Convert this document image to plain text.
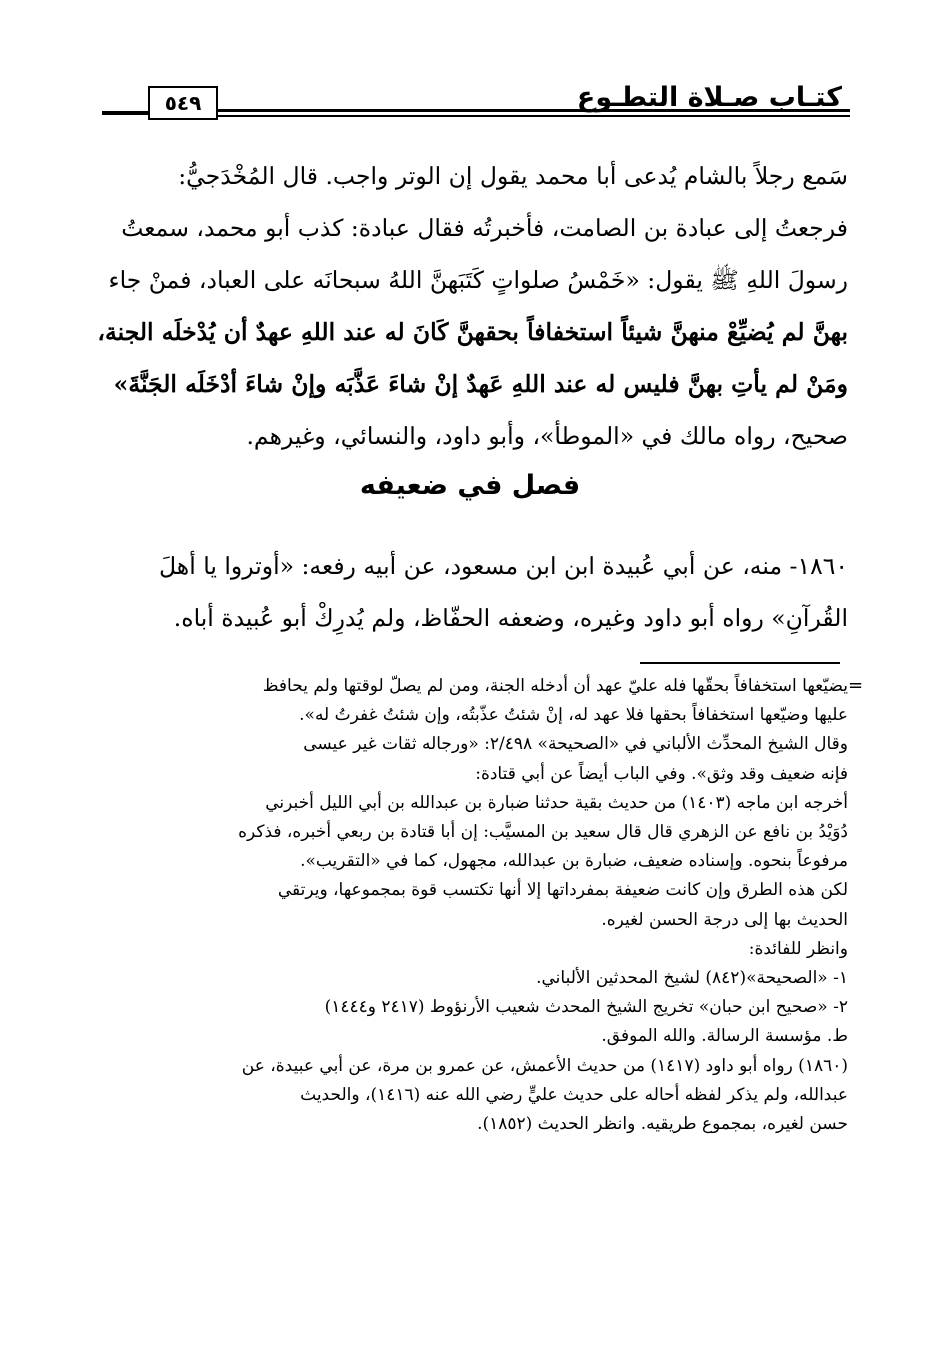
٥٤٩	كتـاب صـلاة التطـوع
سَمع رجلاً بالشام يُدعى أبا محمد يقول إن الوتر واجب. قال المُخْدَجيُّ:
فرجعتُ إلى عبادة بن الصامت، فأخبرتُه فقال عبادة: كذب أبو محمد، سمعتُ
رسولَ اللهِ ﷺ يقول: «خَمْسُ صلواتٍ كَتَبَهنَّ اللهُ سبحانَه على العباد، فمنْ جاء
بهنَّ لم يُضيِّعْ منهنَّ شيئاً استخفافاً بحقهنَّ كَانَ له عند اللهِ عهدٌ أن يُدْخلَه الجنة،
ومَنْ لم يأتِ بهنَّ فليس له عند اللهِ عَهدٌ إنْ شاءَ عَذَّبَه وإنْ شاءَ أدْخَلَه الجَنَّةَ»
صحيح، رواه مالك في «الموطأ»، وأبو داود، والنسائي، وغيرهم.
فصل في ضعيفه
١٨٦٠- منه، عن أبي عُبيدة ابن ابن مسعود، عن أبيه رفعه: «أوتروا يا أهلَ
القُرآنِ» رواه أبو داود وغيره، وضعفه الحفّاظ، ولم يُدرِكْ أبو عُبيدة أباه.
=
يضيّعها استخفافاً بحقّها فله عليّ عهد أن أدخله الجنة، ومن لم يصلّ لوقتها ولم يحافظ
عليها وضيّعها استخفافاً بحقها فلا عهد له، إنْ شئتُ عذّبتُه، وإن شئتُ غفرتُ له».
وقال الشيخ المحدِّث الألباني في «الصحيحة» ٢/٤٩٨: «ورجاله ثقات غير عيسى
فإنه ضعيف وقد وثق». وفي الباب أيضاً عن أبي قتادة:
أخرجه ابن ماجه (١٤٠٣) من حديث بقية حدثنا ضبارة بن عبدالله بن أبي الليل أخبرني
دُوَيْدُ بن نافع عن الزهري قال قال سعيد بن المسيَّب: إن أبا قتادة بن ربعي أخبره، فذكره
مرفوعاً بنحوه. وإسناده ضعيف، ضبارة بن عبدالله، مجهول، كما في «التقريب».
لكن هذه الطرق وإن كانت ضعيفة بمفرداتها إلا أنها تكتسب قوة بمجموعها، ويرتقي
الحديث بها إلى درجة الحسن لغيره.
وانظر للفائدة:
١- «الصحيحة»(٨٤٢) لشيخ المحدثين الألباني.
٢- «صحيح ابن حبان» تخريج الشيخ المحدث شعيب الأرنؤوط (٢٤١٧ و١٤٤٤)
ط. مؤسسة الرسالة. والله الموفق.
(١٨٦٠) رواه أبو داود (١٤١٧) من حديث الأعمش، عن عمرو بن مرة، عن أبي عبيدة، عن
عبدالله، ولم يذكر لفظه أحاله على حديث عليٍّ رضي الله عنه (١٤١٦)، والحديث
حسن لغيره، بمجموع طريقيه. وانظر الحديث (١٨٥٢).
